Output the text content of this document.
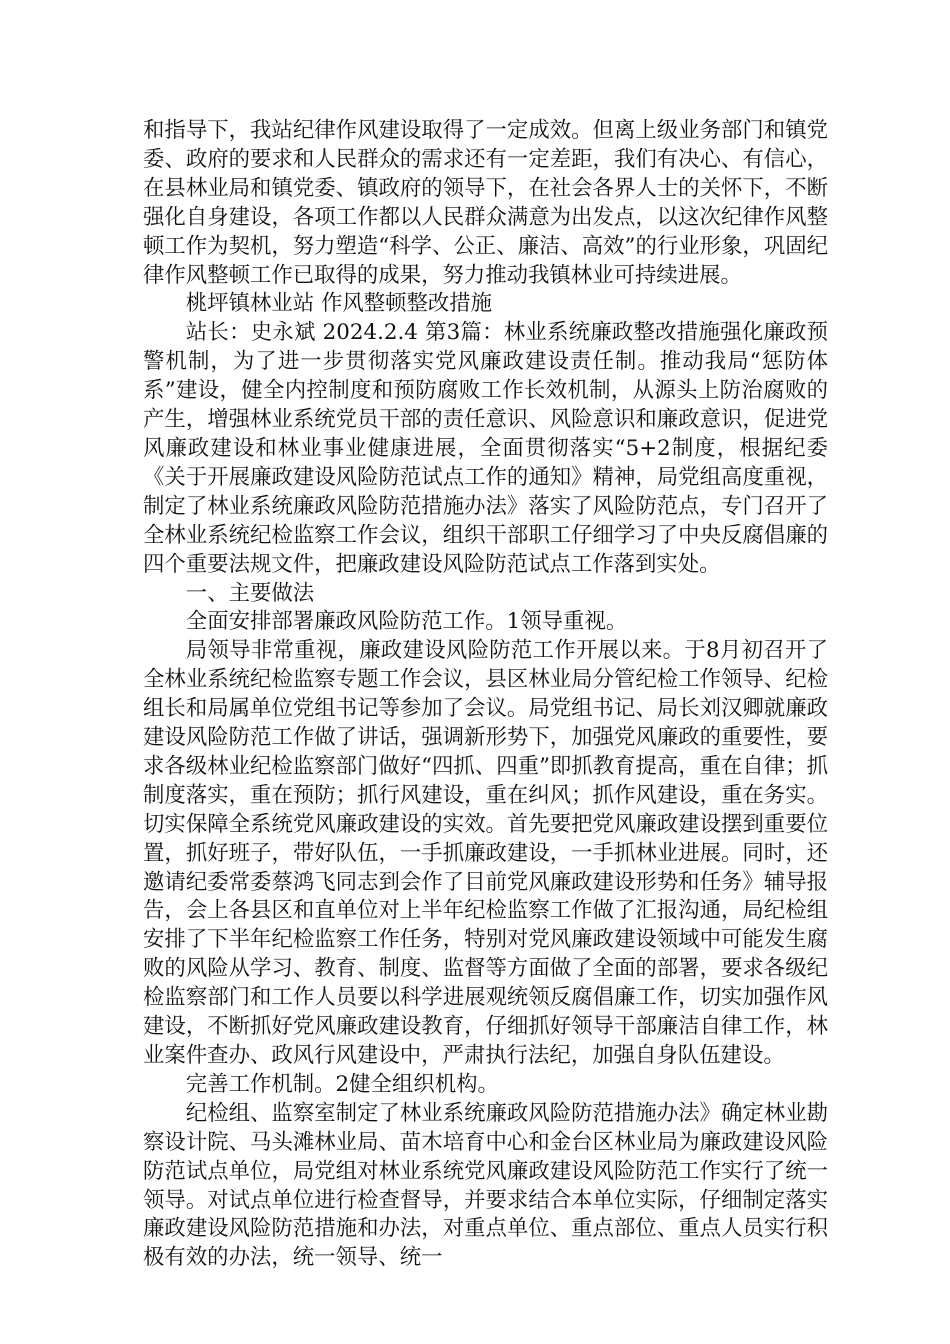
和指导下，我站纪律作风建设取得了一定成效。但离上级业务部门和镇党委、政府的要求和人民群众的需求还有一定差距，我们有决心、有信心，在县林业局和镇党委、镇政府的领导下，在社会各界人士的关怀下，不断强化自身建设，各项工作都以人民群众满意为出发点，以这次纪律作风整顿工作为契机，努力塑造“科学、公正、廉洁、高效”的行业形象，巩固纪律作风整顿工作已取得的成果，努力推动我镇林业可持续进展。

桃坪镇林业站 作风整顿整改措施

站长：史永斌 2024.2.4 第3篇：林业系统廉政整改措施强化廉政预警机制，为了进一步贯彻落实党风廉政建设责任制。推动我局“惩防体系”建设，健全内控制度和预防腐败工作长效机制，从源头上防治腐败的产生，增强林业系统党员干部的责任意识、风险意识和廉政意识，促进党风廉政建设和林业事业健康进展，全面贯彻落实“5+2制度，根据纪委《关于开展廉政建设风险防范试点工作的通知》精神，局党组高度重视，制定了林业系统廉政风险防范措施办法》落实了风险防范点，专门召开了全林业系统纪检监察工作会议，组织干部职工仔细学习了中央反腐倡廉的四个重要法规文件，把廉政建设风险防范试点工作落到实处。

一、主要做法

全面安排部署廉政风险防范工作。1领导重视。

局领导非常重视，廉政建设风险防范工作开展以来。于8月初召开了全林业系统纪检监察专题工作会议，县区林业局分管纪检工作领导、纪检组长和局属单位党组书记等参加了会议。局党组书记、局长刘汉卿就廉政建设风险防范工作做了讲话，强调新形势下，加强党风廉政的重要性，要求各级林业纪检监察部门做好“四抓、四重”即抓教育提高，重在自律；抓制度落实，重在预防；抓行风建设，重在纠风；抓作风建设，重在务实。切实保障全系统党风廉政建设的实效。首先要把党风廉政建设摆到重要位置，抓好班子，带好队伍，一手抓廉政建设，一手抓林业进展。同时，还邀请纪委常委蔡鸿飞同志到会作了目前党风廉政建设形势和任务》辅导报告，会上各县区和直单位对上半年纪检监察工作做了汇报沟通，局纪检组安排了下半年纪检监察工作任务，特别对党风廉政建设领域中可能发生腐败的风险从学习、教育、制度、监督等方面做了全面的部署，要求各级纪检监察部门和工作人员要以科学进展观统领反腐倡廉工作，切实加强作风建设，不断抓好党风廉政建设教育，仔细抓好领导干部廉洁自律工作，林业案件查办、政风行风建设中，严肃执行法纪，加强自身队伍建设。

完善工作机制。2健全组织机构。

纪检组、监察室制定了林业系统廉政风险防范措施办法》确定林业勘察设计院、马头滩林业局、苗木培育中心和金台区林业局为廉政建设风险防范试点单位，局党组对林业系统党风廉政建设风险防范工作实行了统一领导。对试点单位进行检查督导，并要求结合本单位实际，仔细制定落实廉政建设风险防范措施和办法，对重点单位、重点部位、重点人员实行积极有效的办法，统一领导、统一
